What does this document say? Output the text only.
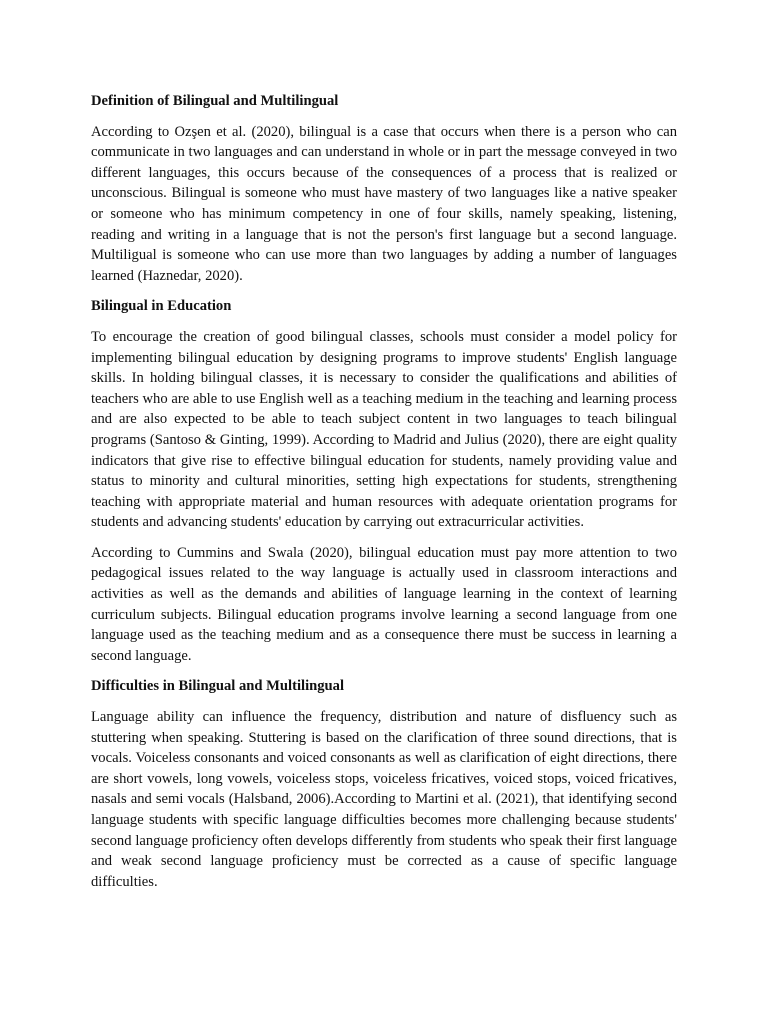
Definition of Bilingual and Multilingual

According to Ozşen et al. (2020), bilingual is a case that occurs when there is a person who can communicate in two languages and can understand in whole or in part the message conveyed in two different languages, this occurs because of the consequences of a process that is realized or unconscious. Bilingual is someone who must have mastery of two languages like a native speaker or someone who has minimum competency in one of four skills, namely speaking, listening, reading and writing in a language that is not the person's first language but a second language. Multiligual is someone who can use more than two languages by adding a number of languages learned (Haznedar, 2020).

Bilingual in Education

To encourage the creation of good bilingual classes, schools must consider a model policy for implementing bilingual education by designing programs to improve students' English language skills. In holding bilingual classes, it is necessary to consider the qualifications and abilities of teachers who are able to use English well as a teaching medium in the teaching and learning process and are also expected to be able to teach subject content in two languages to teach bilingual programs (Santoso & Ginting, 1999). According to Madrid and Julius (2020), there are eight quality indicators that give rise to effective bilingual education for students, namely providing value and status to minority and cultural minorities, setting high expectations for students, strengthening teaching with appropriate material and human resources with adequate orientation programs for students and advancing students' education by carrying out extracurricular activities.

According to Cummins and Swala (2020), bilingual education must pay more attention to two pedagogical issues related to the way language is actually used in classroom interactions and activities as well as the demands and abilities of language learning in the context of learning curriculum subjects. Bilingual education programs involve learning a second language from one language used as the teaching medium and as a consequence there must be success in learning a second language.

Difficulties in Bilingual and Multilingual

Language ability can influence the frequency, distribution and nature of disfluency such as stuttering when speaking. Stuttering is based on the clarification of three sound directions, that is vocals. Voiceless consonants and voiced consonants as well as clarification of eight directions, there are short vowels, long vowels, voiceless stops, voiceless fricatives, voiced stops, voiced fricatives, nasals and semi vocals (Halsband, 2006).According to Martini et al. (2021), that identifying second language students with specific language difficulties becomes more challenging because students' second language proficiency often develops differently from students who speak their first language and weak second language proficiency must be corrected as a cause of specific language difficulties.
